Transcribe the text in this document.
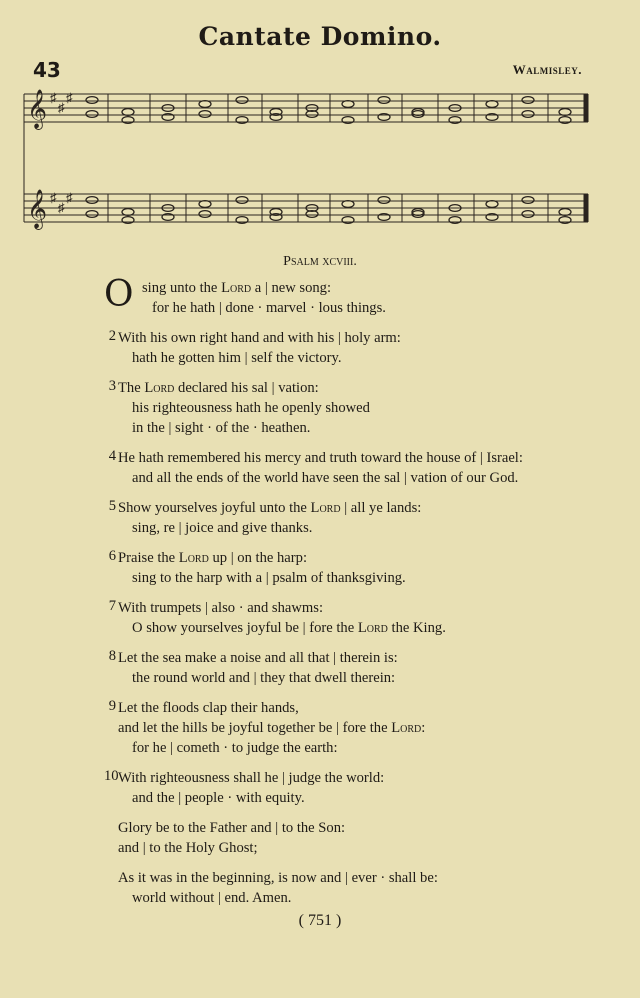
Cantate Domino.
43	Walmisley.
𝄞 ♯
♯
♯
𝄞 ♯
♯
♯
Psalm xcviii.
O sing unto the Lord a | new song:
for he hath | done · marvel · lous things.
2 With his own right hand and with his | holy arm:
hath he gotten him | self the victory.
3 The Lord declared his sal | vation:
his righteousness hath he openly showed
in the | sight · of the · heathen.
4 He hath remembered his mercy and truth toward the house of | Israel:
and all the ends of the world have seen the sal | vation of our God.
5 Show yourselves joyful unto the Lord | all ye lands:
sing, re | joice and give thanks.
6 Praise the Lord up | on the harp:
sing to the harp with a | psalm of thanksgiving.
7 With trumpets | also · and shawms:
O show yourselves joyful be | fore the Lord the King.
8 Let the sea make a noise and all that | therein is:
the round world and | they that dwell therein:
9 Let the floods clap their hands,
and let the hills be joyful together be | fore the Lord:
for he | cometh · to judge the earth:
10 With righteousness shall he | judge the world:
and the | people · with equity.
Glory be to the Father and | to the Son:
and | to the Holy Ghost;
As it was in the beginning, is now and | ever · shall be:
world without | end. Amen.
( 751 )
